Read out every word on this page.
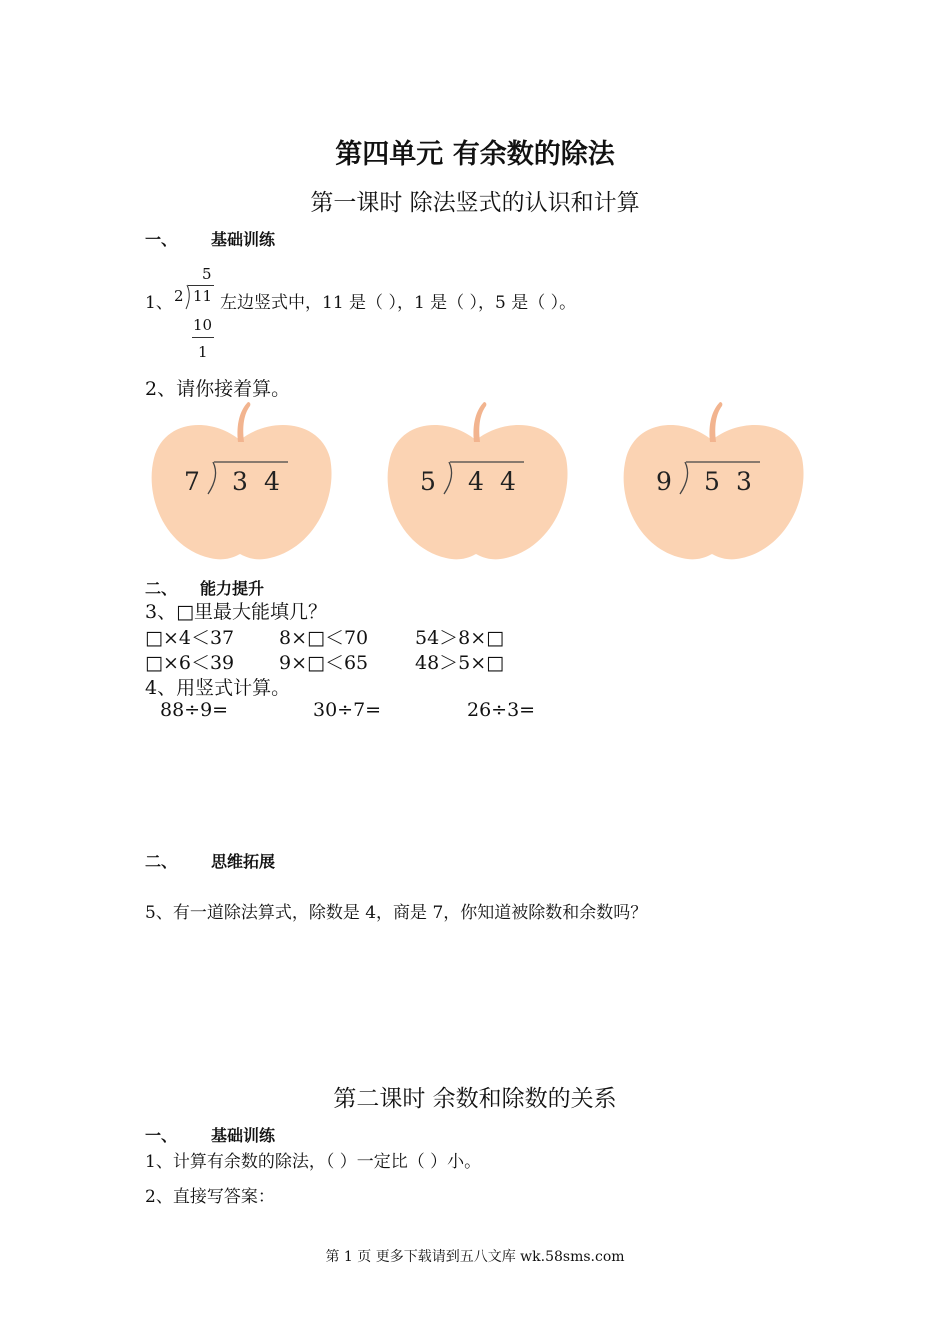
第四单元 有余数的除法
第一课时 除法竖式的认识和计算
一、 基础训练
1、
5
2 11
10
1
左边竖式中，11 是（ ），1 是（ ），5 是（ ）。
2、请你接着算。
7 3 4	5 4 4	9 5 3
二、 能力提升
3、□里最大能填几？
□×4＜37 8×□＜70 54＞8×□
□×6＜39 9×□＜65 48＞5×□
4、用竖式计算。
88÷9=	30÷7=	26÷3=
二、 思维拓展
5、有一道除法算式，除数是 4，商是 7，你知道被除数和余数吗？
第二课时 余数和除数的关系
一、 基础训练
1、计算有余数的除法，（ ）一定比（ ）小。
2、直接写答案：
第 1 页 更多下载请到五八文库 wk.58sms.com
